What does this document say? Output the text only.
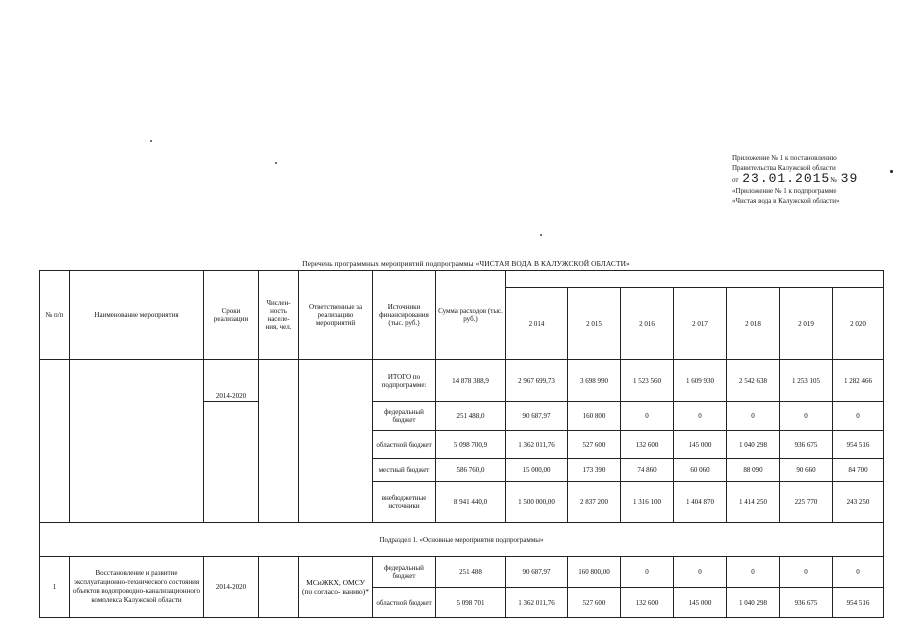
Приложение № 1 к постановлению
Правительства Калужской области
от 23.01.2015№ 39
«Приложение № 1 к подпрограмме
«Чистая вода в Калужской области»
Перечень программных мероприятий подпрограммы «ЧИСТАЯ ВОДА В КАЛУЖСКОЙ ОБЛАСТИ»
№ п/п	Наименование мероприятия	Сроки реализации	Числен- ность населе- ния, чел.	Ответственные за реализацию мероприятий	Источники финансирования (тыс. руб.)	Сумма расходов (тыс. руб.)							
							2 014	2 015	2 016	2 017	2 018	2 019	2 020
		2014-2020			ИТОГО по подпрограмме:	14 878 388,9	2 967 699,73	3 698 990	1 523 560	1 609 930	2 542 638	1 253 105	1 282 466
					федеральный бюджет	251 488,0	90 687,97	160 800	0	0	0	0	0
					областной бюджет	5 098 700,9	1 362 011,76	527 600	132 600	145 000	1 040 298	936 675	954 516
					местный бюджет	586 760,0	15 000,00	173 390	74 860	60 060	88 090	90 660	84 700
					внебюджетные источники	8 941 440,0	1 500 000,00	2 837 200	1 316 100	1 404 870	1 414 250	225 770	243 250
Подраздел 1. «Основные мероприятия подпрограммы»													
1	Восстановление и развитие эксплуатационно-технического состояния объектов водопроводно-канализационного комплекса Калужской области	2014-2020		МСиЖКХ, ОМСУ (по согласо- ванию)*	федеральный бюджет	251 488	90 687,97	160 800,00	0	0	0	0	0
					областной бюджет	5 098 701	1 362 011,76	527 600	132 600	145 000	1 040 298	936 675	954 516
